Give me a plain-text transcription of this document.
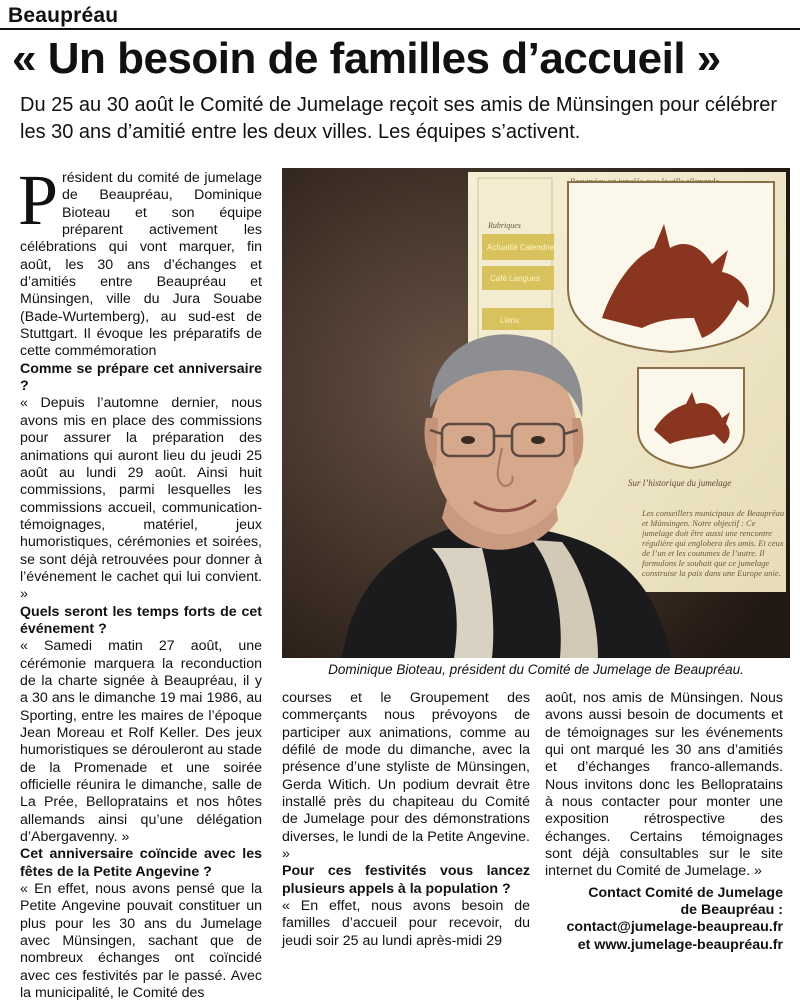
Beaupréau
« Un besoin de familles d’accueil »
Du 25 au 30 août le Comité de Jumelage reçoit ses amis de Münsingen pour célébrer les 30 ans d’amitié entre les deux villes. Les équipes s’activent.

Président du comité de jumelage de Beaupréau, Dominique Bioteau et son équipe préparent activement les célébrations qui vont marquer, fin août, les 30 ans d’échanges et d’amitiés entre Beaupréau et Münsingen, ville du Jura Souabe (Bade-Wurtemberg), au sud-est de Stuttgart. Il évoque les préparatifs de cette commémoration

Comme se prépare cet anniversaire ?

« Depuis l’automne dernier, nous avons mis en place des commissions pour assurer la préparation des animations qui auront lieu du jeudi 25 août au lundi 29 août. Ainsi huit commissions, parmi lesquelles les commissions accueil, communication-témoignages, matériel, jeux humoristiques, cérémonies et soirées, se sont déjà retrouvées pour donner à l’événement le cachet qui lui convient. »

Quels seront les temps forts de cet événement ?

« Samedi matin 27 août, une cérémonie marquera la reconduction de la charte signée à Beaupréau, il y a 30 ans le dimanche 19 mai 1986, au Sporting, entre les maires de l’époque Jean Moreau et Rolf Keller. Des jeux humoristiques se dérouleront au stade de la Promenade et une soirée officielle réunira le dimanche, salle de La Prée, Bellopratains et nos hôtes allemands ainsi qu’une délégation d’Abergavenny. »

Cet anniversaire coïncide avec les fêtes de la Petite Angevine ?

« En effet, nous avons pensé que la Petite Angevine pouvait constituer un plus pour les 30 ans du Jumelage avec Münsingen, sachant que de nombreux échanges ont coïncidé avec ces festivités par le passé. Avec la municipalité, le Comité des

Rubriques
Actualité Calendrier
Café Langues
Liens
Sur l’historique du jumelage
Les conseillers municipaux de Beaupréau et Münsingen. Notre objectif : Ce jumelage doit être aussi une rencontre régulière qui englobera des amis. Et ceux de l’un et les coutumes de l’autre. Il formulons le souhait que ce jumelage construise la paix dans une Europe unie.
Dominique Bioteau, président du Comité de Jumelage de Beaupréau.

courses et le Groupement des commerçants nous prévoyons de participer aux animations, comme au défilé de mode du dimanche, avec la présence d’une styliste de Münsingen, Gerda Witich. Un podium devrait être installé près du chapiteau du Comité de Jumelage pour des démonstrations diverses, le lundi de la Petite Angevine. »

Pour ces festivités vous lancez plusieurs appels à la population ?

« En effet, nous avons besoin de familles d’accueil pour recevoir, du jeudi soir 25 au lundi après-midi 29

août, nos amis de Münsingen. Nous avons aussi besoin de documents et de témoignages sur les événements qui ont marqué les 30 ans d’amitiés et d’échanges franco-allemands. Nous invitons donc les Bellopratains à nous contacter pour monter une exposition rétrospective des échanges. Certains témoignages sont déjà consultables sur le site internet du Comité de Jumelage. »

Contact Comité de Jumelage
de Beaupréau :
contact@jumelage-beaupreau.fr
et www.jumelage-beaupréau.fr
